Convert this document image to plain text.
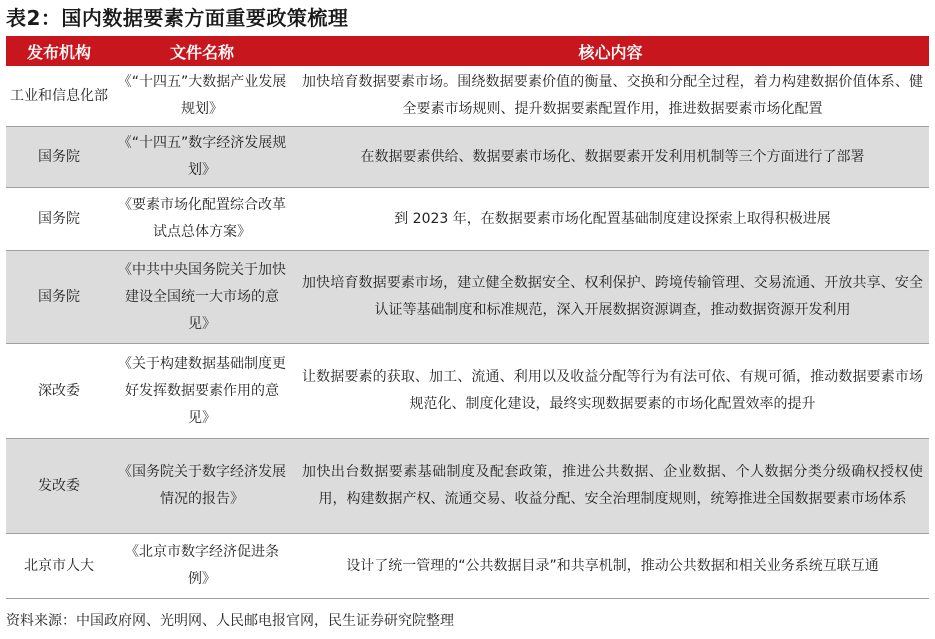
表2：国内数据要素方面重要政策梳理
发布机构	文件名称	核心内容
工业和信息化部	《“十四五”大数据产业发展规划》	加快培育数据要素市场。围绕数据要素价值的衡量、交换和分配全过程，着力构建数据价值体系、健全要素市场规则、提升数据要素配置作用，推进数据要素市场化配置
国务院	《“十四五”数字经济发展规划》	在数据要素供给、数据要素市场化、数据要素开发利用机制等三个方面进行了部署
国务院	《要素市场化配置综合改革试点总体方案》	到 2023 年，在数据要素市场化配置基础制度建设探索上取得积极进展
国务院	《中共中央国务院关于加快建设全国统一大市场的意见》	加快培育数据要素市场，建立健全数据安全、权利保护、跨境传输管理、交易流通、开放共享、安全认证等基础制度和标准规范，深入开展数据资源调查，推动数据资源开发利用
深改委	《关于构建数据基础制度更好发挥数据要素作用的意见》	让数据要素的获取、加工、流通、利用以及收益分配等行为有法可依、有规可循，推动数据要素市场规范化、制度化建设，最终实现数据要素的市场化配置效率的提升
发改委	《国务院关于数字经济发展情况的报告》	加快出台数据要素基础制度及配套政策，推进公共数据、企业数据、个人数据分类分级确权授权使用，构建数据产权、流通交易、收益分配、安全治理制度规则，统筹推进全国数据要素市场体系
北京市人大	《北京市数字经济促进条例》	设计了统一管理的“公共数据目录”和共享机制，推动公共数据和相关业务系统互联互通
资料来源：中国政府网、光明网、人民邮电报官网，民生证券研究院整理
